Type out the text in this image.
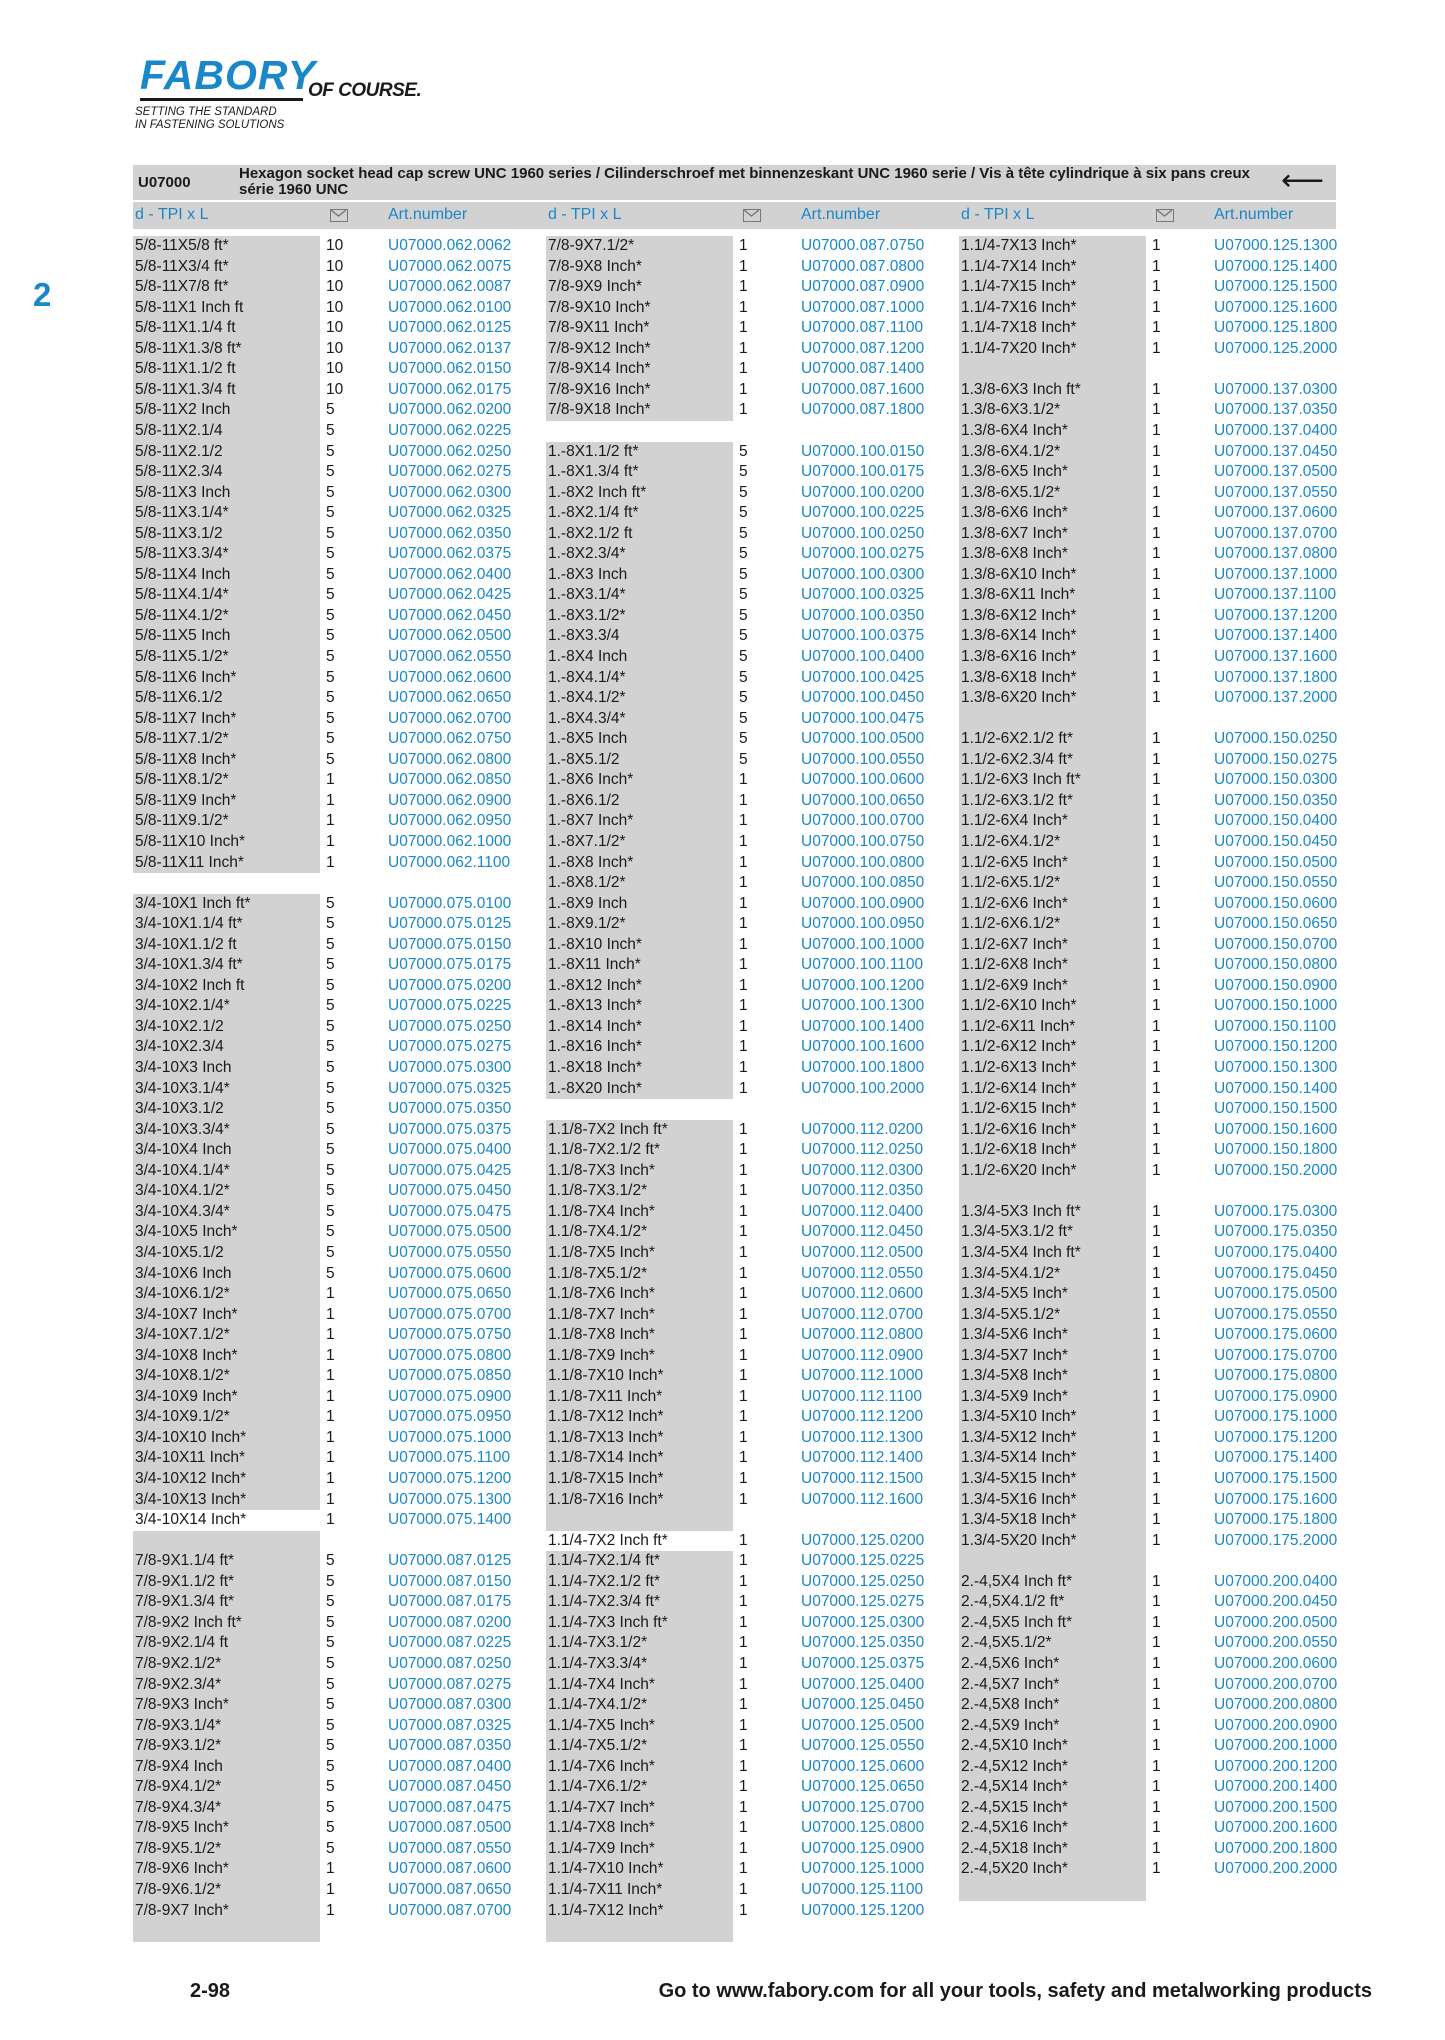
FABORY
OF COURSE.
SETTING THE STANDARD
IN FASTENING SOLUTIONS
2
U07000
Hexagon socket head cap screw UNC 1960 series / Cilinderschroef met binnenzeskant UNC 1960 serie / Vis à tête cylindrique à six pans creux série 1960 UNC	⟵
d - TPI x L	Art.number	d - TPI x L	Art.number	d - TPI x L	Art.number
5/8-11X5/8 ft*	10	U07000.062.0062
5/8-11X3/4 ft*	10	U07000.062.0075
5/8-11X7/8 ft*	10	U07000.062.0087
5/8-11X1 Inch ft	10	U07000.062.0100
5/8-11X1.1/4 ft	10	U07000.062.0125
5/8-11X1.3/8 ft*	10	U07000.062.0137
5/8-11X1.1/2 ft	10	U07000.062.0150
5/8-11X1.3/4 ft	10	U07000.062.0175
5/8-11X2 Inch	5	U07000.062.0200
5/8-11X2.1/4	5	U07000.062.0225
5/8-11X2.1/2	5	U07000.062.0250
5/8-11X2.3/4	5	U07000.062.0275
5/8-11X3 Inch	5	U07000.062.0300
5/8-11X3.1/4*	5	U07000.062.0325
5/8-11X3.1/2	5	U07000.062.0350
5/8-11X3.3/4*	5	U07000.062.0375
5/8-11X4 Inch	5	U07000.062.0400
5/8-11X4.1/4*	5	U07000.062.0425
5/8-11X4.1/2*	5	U07000.062.0450
5/8-11X5 Inch	5	U07000.062.0500
5/8-11X5.1/2*	5	U07000.062.0550
5/8-11X6 Inch*	5	U07000.062.0600
5/8-11X6.1/2	5	U07000.062.0650
5/8-11X7 Inch*	5	U07000.062.0700
5/8-11X7.1/2*	5	U07000.062.0750
5/8-11X8 Inch*	5	U07000.062.0800
5/8-11X8.1/2*	1	U07000.062.0850
5/8-11X9 Inch*	1	U07000.062.0900
5/8-11X9.1/2*	1	U07000.062.0950
5/8-11X10 Inch*	1	U07000.062.1000
5/8-11X11 Inch*	1	U07000.062.1100
3/4-10X1 Inch ft*	5	U07000.075.0100
3/4-10X1.1/4 ft*	5	U07000.075.0125
3/4-10X1.1/2 ft	5	U07000.075.0150
3/4-10X1.3/4 ft*	5	U07000.075.0175
3/4-10X2 Inch ft	5	U07000.075.0200
3/4-10X2.1/4*	5	U07000.075.0225
3/4-10X2.1/2	5	U07000.075.0250
3/4-10X2.3/4	5	U07000.075.0275
3/4-10X3 Inch	5	U07000.075.0300
3/4-10X3.1/4*	5	U07000.075.0325
3/4-10X3.1/2	5	U07000.075.0350
3/4-10X3.3/4*	5	U07000.075.0375
3/4-10X4 Inch	5	U07000.075.0400
3/4-10X4.1/4*	5	U07000.075.0425
3/4-10X4.1/2*	5	U07000.075.0450
3/4-10X4.3/4*	5	U07000.075.0475
3/4-10X5 Inch*	5	U07000.075.0500
3/4-10X5.1/2	5	U07000.075.0550
3/4-10X6 Inch	5	U07000.075.0600
3/4-10X6.1/2*	1	U07000.075.0650
3/4-10X7 Inch*	1	U07000.075.0700
3/4-10X7.1/2*	1	U07000.075.0750
3/4-10X8 Inch*	1	U07000.075.0800
3/4-10X8.1/2*	1	U07000.075.0850
3/4-10X9 Inch*	1	U07000.075.0900
3/4-10X9.1/2*	1	U07000.075.0950
3/4-10X10 Inch*	1	U07000.075.1000
3/4-10X11 Inch*	1	U07000.075.1100
3/4-10X12 Inch*	1	U07000.075.1200
3/4-10X13 Inch*	1	U07000.075.1300
3/4-10X14 Inch*	1	U07000.075.1400
7/8-9X1.1/4 ft*	5	U07000.087.0125
7/8-9X1.1/2 ft*	5	U07000.087.0150
7/8-9X1.3/4 ft*	5	U07000.087.0175
7/8-9X2 Inch ft*	5	U07000.087.0200
7/8-9X2.1/4 ft	5	U07000.087.0225
7/8-9X2.1/2*	5	U07000.087.0250
7/8-9X2.3/4*	5	U07000.087.0275
7/8-9X3 Inch*	5	U07000.087.0300
7/8-9X3.1/4*	5	U07000.087.0325
7/8-9X3.1/2*	5	U07000.087.0350
7/8-9X4 Inch	5	U07000.087.0400
7/8-9X4.1/2*	5	U07000.087.0450
7/8-9X4.3/4*	5	U07000.087.0475
7/8-9X5 Inch*	5	U07000.087.0500
7/8-9X5.1/2*	5	U07000.087.0550
7/8-9X6 Inch*	1	U07000.087.0600
7/8-9X6.1/2*	1	U07000.087.0650
7/8-9X7 Inch*	1	U07000.087.0700
7/8-9X7.1/2*	1	U07000.087.0750
7/8-9X8 Inch*	1	U07000.087.0800
7/8-9X9 Inch*	1	U07000.087.0900
7/8-9X10 Inch*	1	U07000.087.1000
7/8-9X11 Inch*	1	U07000.087.1100
7/8-9X12 Inch*	1	U07000.087.1200
7/8-9X14 Inch*	1	U07000.087.1400
7/8-9X16 Inch*	1	U07000.087.1600
7/8-9X18 Inch*	1	U07000.087.1800
1.-8X1.1/2 ft*	5	U07000.100.0150
1.-8X1.3/4 ft*	5	U07000.100.0175
1.-8X2 Inch ft*	5	U07000.100.0200
1.-8X2.1/4 ft*	5	U07000.100.0225
1.-8X2.1/2 ft	5	U07000.100.0250
1.-8X2.3/4*	5	U07000.100.0275
1.-8X3 Inch	5	U07000.100.0300
1.-8X3.1/4*	5	U07000.100.0325
1.-8X3.1/2*	5	U07000.100.0350
1.-8X3.3/4	5	U07000.100.0375
1.-8X4 Inch	5	U07000.100.0400
1.-8X4.1/4*	5	U07000.100.0425
1.-8X4.1/2*	5	U07000.100.0450
1.-8X4.3/4*	5	U07000.100.0475
1.-8X5 Inch	5	U07000.100.0500
1.-8X5.1/2	5	U07000.100.0550
1.-8X6 Inch*	1	U07000.100.0600
1.-8X6.1/2	1	U07000.100.0650
1.-8X7 Inch*	1	U07000.100.0700
1.-8X7.1/2*	1	U07000.100.0750
1.-8X8 Inch*	1	U07000.100.0800
1.-8X8.1/2*	1	U07000.100.0850
1.-8X9 Inch	1	U07000.100.0900
1.-8X9.1/2*	1	U07000.100.0950
1.-8X10 Inch*	1	U07000.100.1000
1.-8X11 Inch*	1	U07000.100.1100
1.-8X12 Inch*	1	U07000.100.1200
1.-8X13 Inch*	1	U07000.100.1300
1.-8X14 Inch*	1	U07000.100.1400
1.-8X16 Inch*	1	U07000.100.1600
1.-8X18 Inch*	1	U07000.100.1800
1.-8X20 Inch*	1	U07000.100.2000
1.1/8-7X2 Inch ft*	1	U07000.112.0200
1.1/8-7X2.1/2 ft*	1	U07000.112.0250
1.1/8-7X3 Inch*	1	U07000.112.0300
1.1/8-7X3.1/2*	1	U07000.112.0350
1.1/8-7X4 Inch*	1	U07000.112.0400
1.1/8-7X4.1/2*	1	U07000.112.0450
1.1/8-7X5 Inch*	1	U07000.112.0500
1.1/8-7X5.1/2*	1	U07000.112.0550
1.1/8-7X6 Inch*	1	U07000.112.0600
1.1/8-7X7 Inch*	1	U07000.112.0700
1.1/8-7X8 Inch*	1	U07000.112.0800
1.1/8-7X9 Inch*	1	U07000.112.0900
1.1/8-7X10 Inch*	1	U07000.112.1000
1.1/8-7X11 Inch*	1	U07000.112.1100
1.1/8-7X12 Inch*	1	U07000.112.1200
1.1/8-7X13 Inch*	1	U07000.112.1300
1.1/8-7X14 Inch*	1	U07000.112.1400
1.1/8-7X15 Inch*	1	U07000.112.1500
1.1/8-7X16 Inch*	1	U07000.112.1600
1.1/4-7X2 Inch ft*	1	U07000.125.0200
1.1/4-7X2.1/4 ft*	1	U07000.125.0225
1.1/4-7X2.1/2 ft*	1	U07000.125.0250
1.1/4-7X2.3/4 ft*	1	U07000.125.0275
1.1/4-7X3 Inch ft*	1	U07000.125.0300
1.1/4-7X3.1/2*	1	U07000.125.0350
1.1/4-7X3.3/4*	1	U07000.125.0375
1.1/4-7X4 Inch*	1	U07000.125.0400
1.1/4-7X4.1/2*	1	U07000.125.0450
1.1/4-7X5 Inch*	1	U07000.125.0500
1.1/4-7X5.1/2*	1	U07000.125.0550
1.1/4-7X6 Inch*	1	U07000.125.0600
1.1/4-7X6.1/2*	1	U07000.125.0650
1.1/4-7X7 Inch*	1	U07000.125.0700
1.1/4-7X8 Inch*	1	U07000.125.0800
1.1/4-7X9 Inch*	1	U07000.125.0900
1.1/4-7X10 Inch*	1	U07000.125.1000
1.1/4-7X11 Inch*	1	U07000.125.1100
1.1/4-7X12 Inch*	1	U07000.125.1200
1.1/4-7X13 Inch*	1	U07000.125.1300
1.1/4-7X14 Inch*	1	U07000.125.1400
1.1/4-7X15 Inch*	1	U07000.125.1500
1.1/4-7X16 Inch*	1	U07000.125.1600
1.1/4-7X18 Inch*	1	U07000.125.1800
1.1/4-7X20 Inch*	1	U07000.125.2000
1.3/8-6X3 Inch ft*	1	U07000.137.0300
1.3/8-6X3.1/2*	1	U07000.137.0350
1.3/8-6X4 Inch*	1	U07000.137.0400
1.3/8-6X4.1/2*	1	U07000.137.0450
1.3/8-6X5 Inch*	1	U07000.137.0500
1.3/8-6X5.1/2*	1	U07000.137.0550
1.3/8-6X6 Inch*	1	U07000.137.0600
1.3/8-6X7 Inch*	1	U07000.137.0700
1.3/8-6X8 Inch*	1	U07000.137.0800
1.3/8-6X10 Inch*	1	U07000.137.1000
1.3/8-6X11 Inch*	1	U07000.137.1100
1.3/8-6X12 Inch*	1	U07000.137.1200
1.3/8-6X14 Inch*	1	U07000.137.1400
1.3/8-6X16 Inch*	1	U07000.137.1600
1.3/8-6X18 Inch*	1	U07000.137.1800
1.3/8-6X20 Inch*	1	U07000.137.2000
1.1/2-6X2.1/2 ft*	1	U07000.150.0250
1.1/2-6X2.3/4 ft*	1	U07000.150.0275
1.1/2-6X3 Inch ft*	1	U07000.150.0300
1.1/2-6X3.1/2 ft*	1	U07000.150.0350
1.1/2-6X4 Inch*	1	U07000.150.0400
1.1/2-6X4.1/2*	1	U07000.150.0450
1.1/2-6X5 Inch*	1	U07000.150.0500
1.1/2-6X5.1/2*	1	U07000.150.0550
1.1/2-6X6 Inch*	1	U07000.150.0600
1.1/2-6X6.1/2*	1	U07000.150.0650
1.1/2-6X7 Inch*	1	U07000.150.0700
1.1/2-6X8 Inch*	1	U07000.150.0800
1.1/2-6X9 Inch*	1	U07000.150.0900
1.1/2-6X10 Inch*	1	U07000.150.1000
1.1/2-6X11 Inch*	1	U07000.150.1100
1.1/2-6X12 Inch*	1	U07000.150.1200
1.1/2-6X13 Inch*	1	U07000.150.1300
1.1/2-6X14 Inch*	1	U07000.150.1400
1.1/2-6X15 Inch*	1	U07000.150.1500
1.1/2-6X16 Inch*	1	U07000.150.1600
1.1/2-6X18 Inch*	1	U07000.150.1800
1.1/2-6X20 Inch*	1	U07000.150.2000
1.3/4-5X3 Inch ft*	1	U07000.175.0300
1.3/4-5X3.1/2 ft*	1	U07000.175.0350
1.3/4-5X4 Inch ft*	1	U07000.175.0400
1.3/4-5X4.1/2*	1	U07000.175.0450
1.3/4-5X5 Inch*	1	U07000.175.0500
1.3/4-5X5.1/2*	1	U07000.175.0550
1.3/4-5X6 Inch*	1	U07000.175.0600
1.3/4-5X7 Inch*	1	U07000.175.0700
1.3/4-5X8 Inch*	1	U07000.175.0800
1.3/4-5X9 Inch*	1	U07000.175.0900
1.3/4-5X10 Inch*	1	U07000.175.1000
1.3/4-5X12 Inch*	1	U07000.175.1200
1.3/4-5X14 Inch*	1	U07000.175.1400
1.3/4-5X15 Inch*	1	U07000.175.1500
1.3/4-5X16 Inch*	1	U07000.175.1600
1.3/4-5X18 Inch*	1	U07000.175.1800
1.3/4-5X20 Inch*	1	U07000.175.2000
2.-4,5X4 Inch ft*	1	U07000.200.0400
2.-4,5X4.1/2 ft*	1	U07000.200.0450
2.-4,5X5 Inch ft*	1	U07000.200.0500
2.-4,5X5.1/2*	1	U07000.200.0550
2.-4,5X6 Inch*	1	U07000.200.0600
2.-4,5X7 Inch*	1	U07000.200.0700
2.-4,5X8 Inch*	1	U07000.200.0800
2.-4,5X9 Inch*	1	U07000.200.0900
2.-4,5X10 Inch*	1	U07000.200.1000
2.-4,5X12 Inch*	1	U07000.200.1200
2.-4,5X14 Inch*	1	U07000.200.1400
2.-4,5X15 Inch*	1	U07000.200.1500
2.-4,5X16 Inch*	1	U07000.200.1600
2.-4,5X18 Inch*	1	U07000.200.1800
2.-4,5X20 Inch*	1	U07000.200.2000
2-98	Go to www.fabory.com for all your tools, safety and metalworking products
